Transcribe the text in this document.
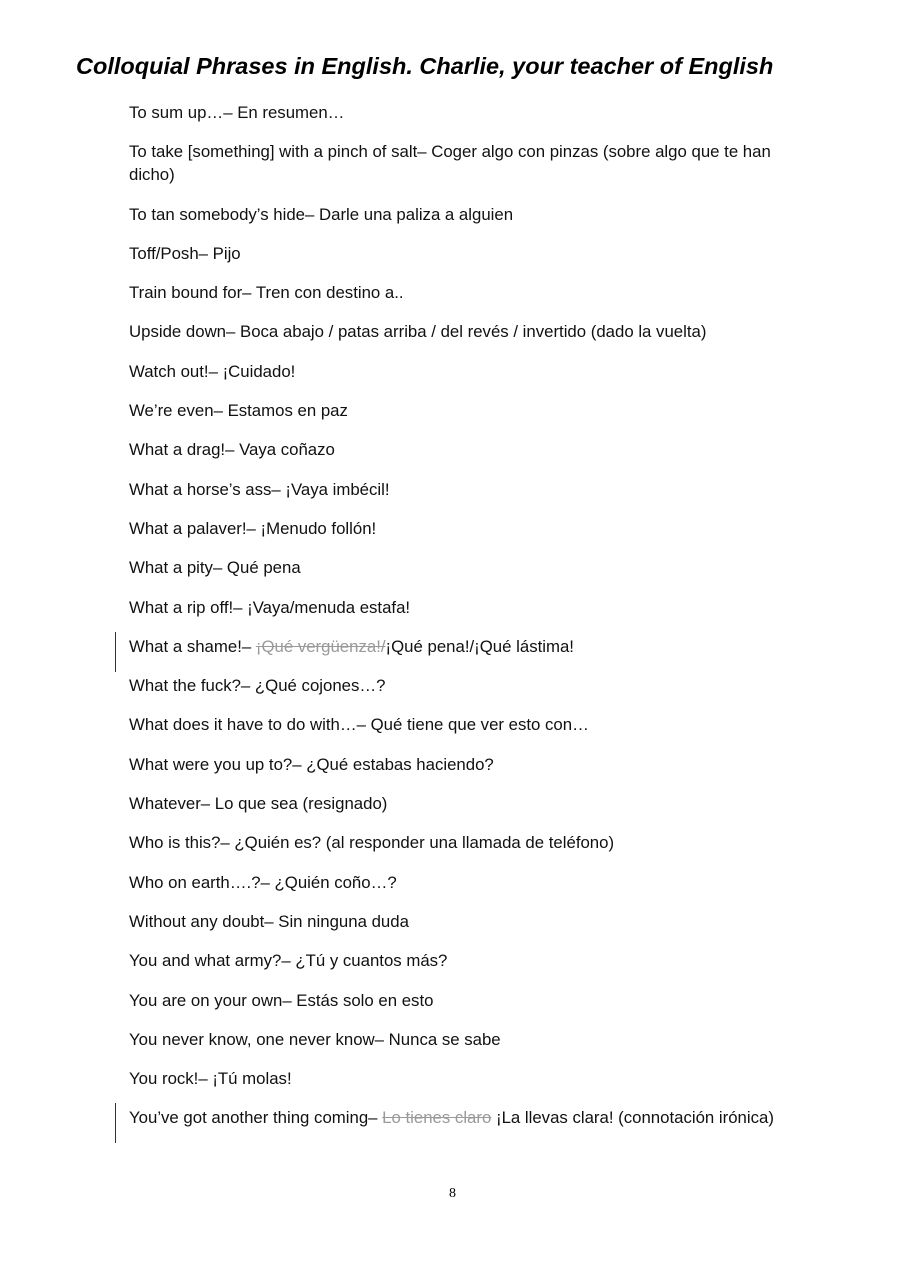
Colloquial Phrases in English. Charlie, your teacher of English

To sum up…– En resumen…

To take [something] with a pinch of salt– Coger algo con pinzas (sobre algo que te han dicho)

To tan somebody’s hide– Darle una paliza a alguien

Toff/Posh– Pijo

Train bound for– Tren con destino a..

Upside down– Boca abajo / patas arriba / del revés / invertido (dado la vuelta)

Watch out!– ¡Cuidado!

We’re even– Estamos en paz

What a drag!– Vaya coñazo

What a horse’s ass– ¡Vaya imbécil!

What a palaver!– ¡Menudo follón!

What a pity– Qué pena

What a rip off!– ¡Vaya/menuda estafa!

What a shame!– ¡Qué vergüenza!/¡Qué pena!/¡Qué lástima!

What the fuck?– ¿Qué cojones…?

What does it have to do with…– Qué tiene que ver esto con…

What were you up to?– ¿Qué estabas haciendo?

Whatever– Lo que sea (resignado)

Who is this?– ¿Quién es? (al responder una llamada de teléfono)

Who on earth….?– ¿Quién coño…?

Without any doubt– Sin ninguna duda

You and what army?– ¿Tú y cuantos más?

You are on your own– Estás solo en esto

You never know, one never know– Nunca se sabe

You rock!– ¡Tú molas!

You’ve got another thing coming– Lo tienes claro ¡La llevas clara! (connotación irónica)

8
